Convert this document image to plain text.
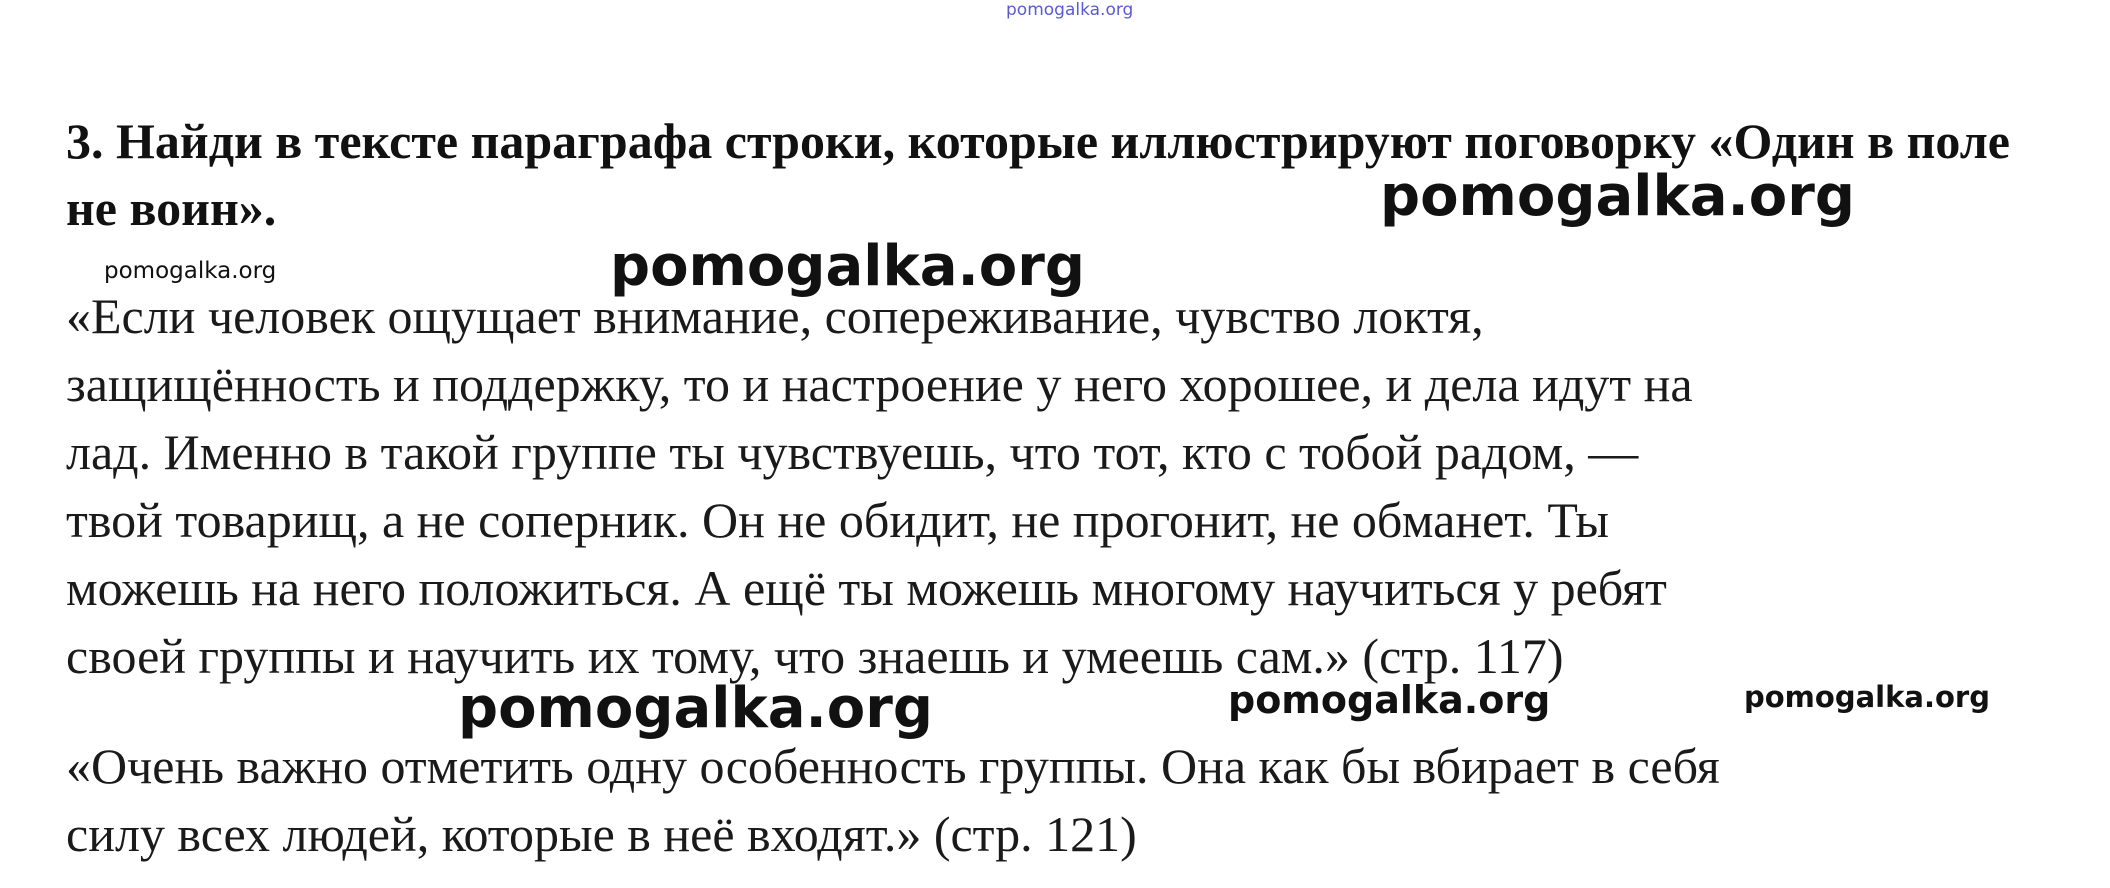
pomogalka.org
3. Найди в тексте параграфа строки, которые иллюстрируют поговорку «Один в поле не воин».

«Если человек ощущает внимание, сопереживание, чувство локтя,
защищённость и поддержку, то и настроение у него хорошее, и дела идут на
лад. Именно в такой группе ты чувствуешь, что тот, кто с тобой радом, —
твой товарищ, а не соперник. Он не обидит, не прогонит, не обманет. Ты
можешь на него положиться. А ещё ты можешь многому научиться у ребят
своей группы и научить их тому, что знаешь и умеешь сам.» (стр. 117)

«Очень важно отметить одну особенность группы. Она как бы вбирает в себя
силу всех людей, которые в неё входят.» (стр. 121)

pomogalka.org
pomogalka.org	pomogalka.org
pomogalka.org	pomogalka.org	pomogalka.org
